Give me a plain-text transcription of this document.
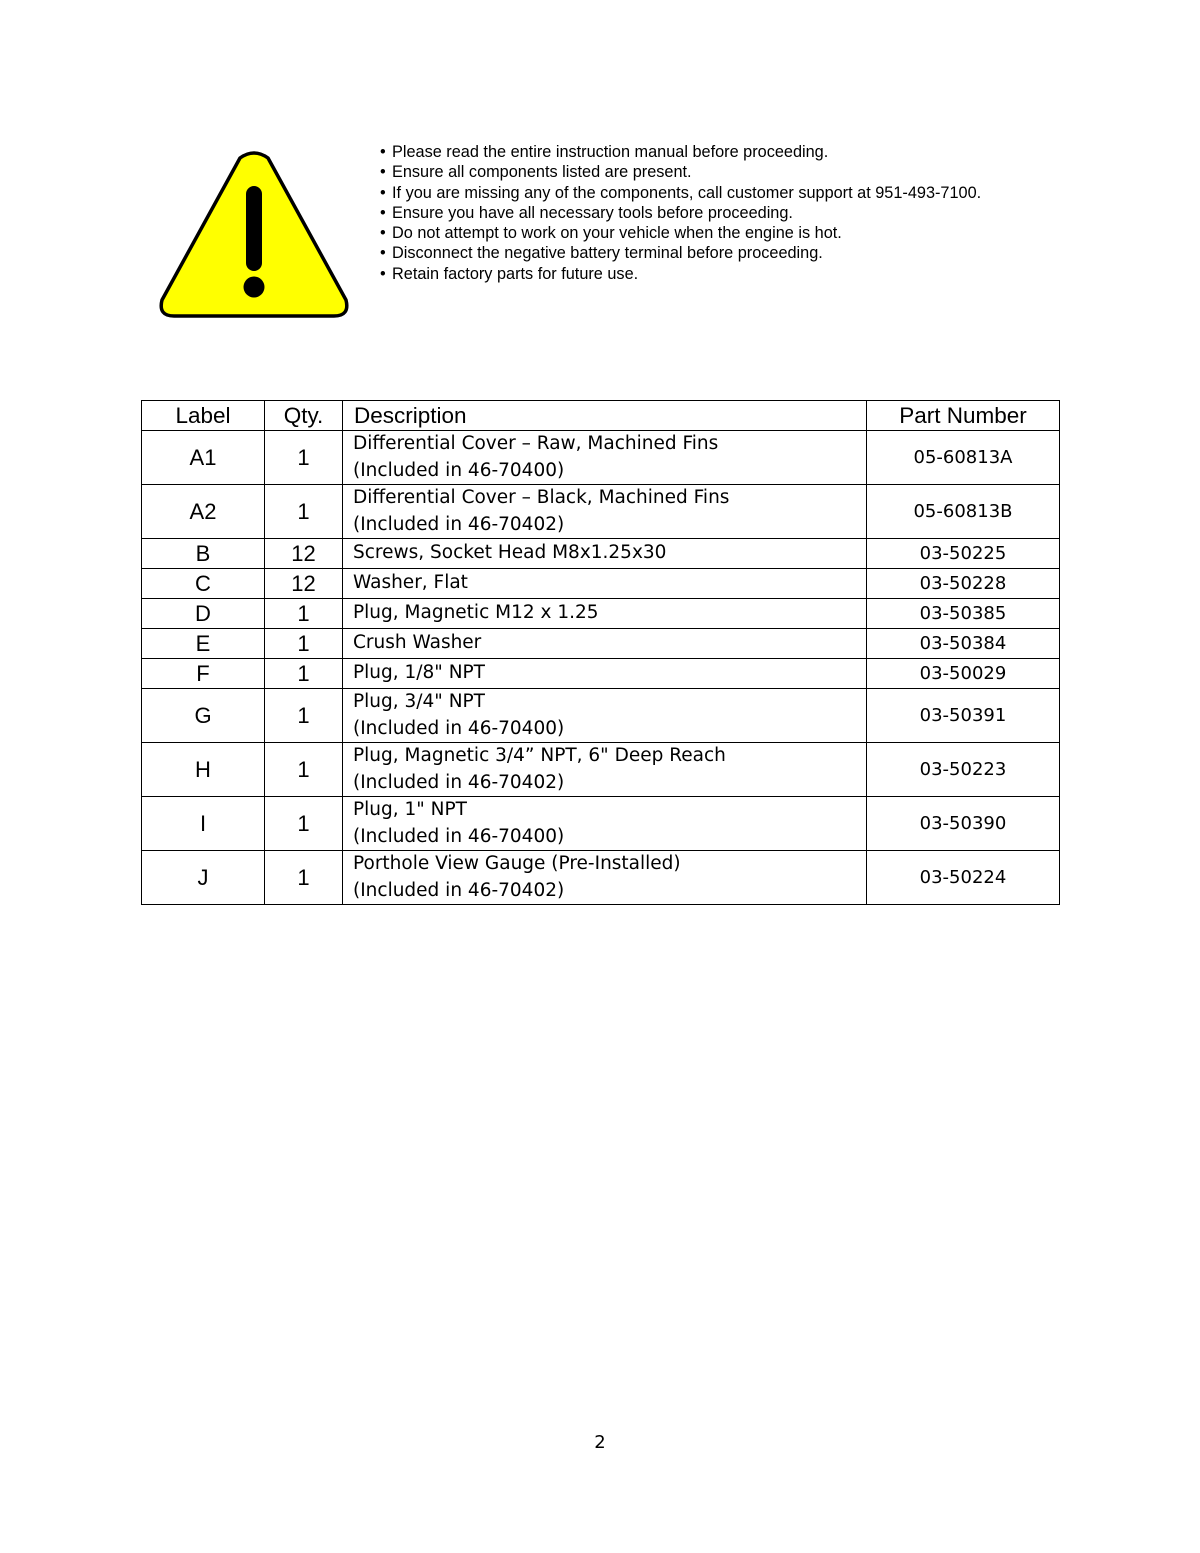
• Please read the entire instruction manual before proceeding.
• Ensure all components listed are present.
• If you are missing any of the components, call customer support at 951-493-7100.
• Ensure you have all necessary tools before proceeding.
• Do not attempt to work on your vehicle when the engine is hot.
• Disconnect the negative battery terminal before proceeding.
• Retain factory parts for future use.
Label	Qty.	Description	Part Number
A1	1	Differential Cover – Raw, Machined Fins
(Included in 46-70400)	05-60813A
A2	1	Differential Cover – Black, Machined Fins
(Included in 46-70402)	05-60813B
B	12	Screws, Socket Head M8x1.25x30	03-50225
C	12	Washer, Flat	03-50228
D	1	Plug, Magnetic M12 x 1.25	03-50385
E	1	Crush Washer	03-50384
F	1	Plug, 1/8" NPT	03-50029
G	1	Plug, 3/4" NPT
(Included in 46-70400)	03-50391
H	1	Plug, Magnetic 3/4” NPT, 6" Deep Reach
(Included in 46-70402)	03-50223
I	1	Plug, 1" NPT
(Included in 46-70400)	03-50390
J	1	Porthole View Gauge (Pre-Installed)
(Included in 46-70402)	03-50224
2
